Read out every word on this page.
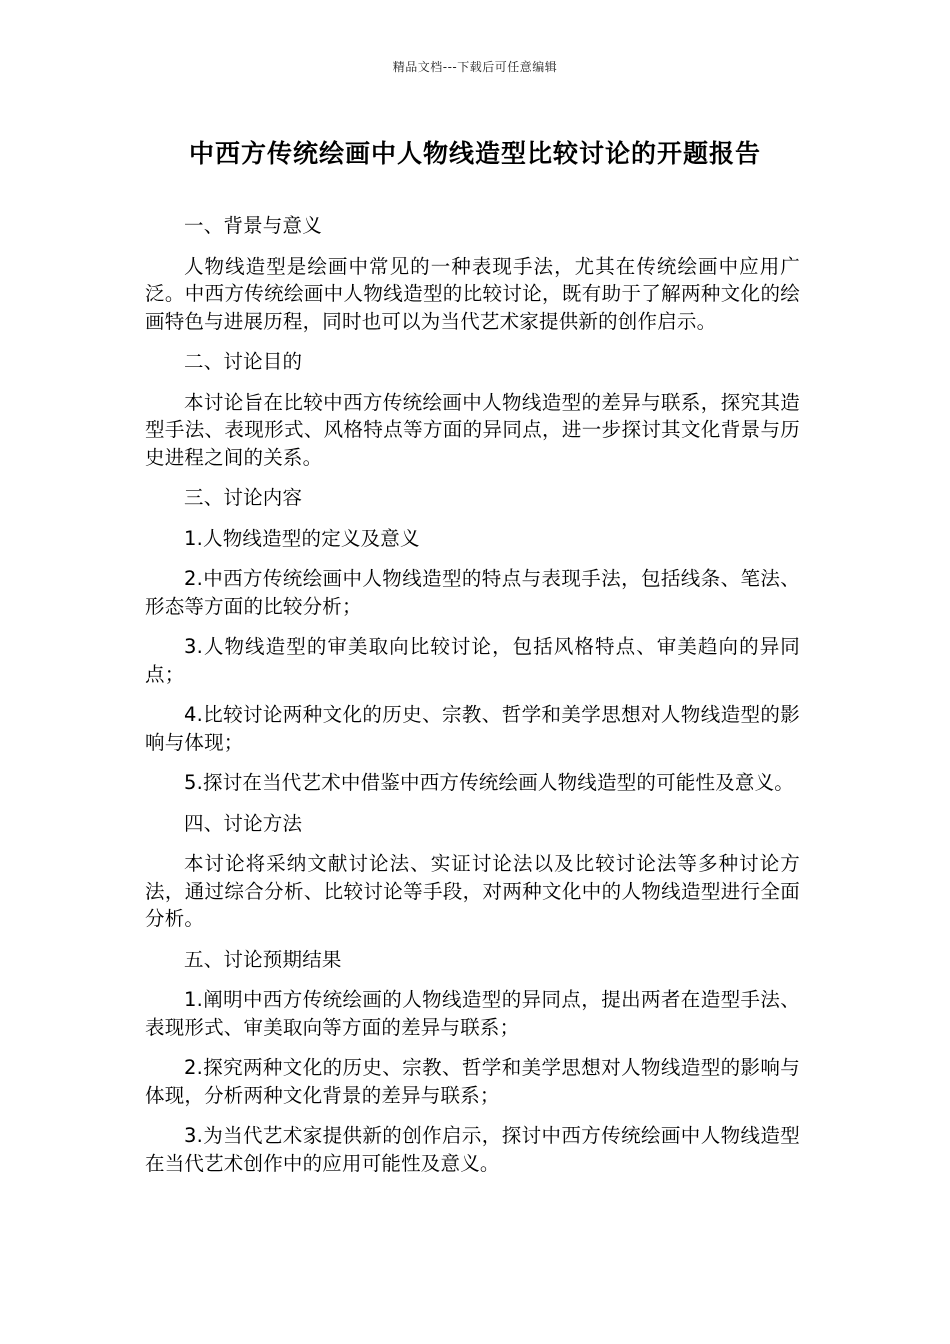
精品文档---下载后可任意编辑
中西方传统绘画中人物线造型比较讨论的开题报告

一、背景与意义

人物线造型是绘画中常见的一种表现手法，尤其在传统绘画中应用广泛。中西方传统绘画中人物线造型的比较讨论，既有助于了解两种文化的绘画特色与进展历程，同时也可以为当代艺术家提供新的创作启示。

二、讨论目的

本讨论旨在比较中西方传统绘画中人物线造型的差异与联系，探究其造型手法、表现形式、风格特点等方面的异同点，进一步探讨其文化背景与历史进程之间的关系。

三、讨论内容

1.人物线造型的定义及意义

2.中西方传统绘画中人物线造型的特点与表现手法，包括线条、笔法、形态等方面的比较分析；

3.人物线造型的审美取向比较讨论，包括风格特点、审美趋向的异同点；

4.比较讨论两种文化的历史、宗教、哲学和美学思想对人物线造型的影响与体现；

5.探讨在当代艺术中借鉴中西方传统绘画人物线造型的可能性及意义。

四、讨论方法

本讨论将采纳文献讨论法、实证讨论法以及比较讨论法等多种讨论方法，通过综合分析、比较讨论等手段，对两种文化中的人物线造型进行全面分析。

五、讨论预期结果

1.阐明中西方传统绘画的人物线造型的异同点，提出两者在造型手法、表现形式、审美取向等方面的差异与联系；

2.探究两种文化的历史、宗教、哲学和美学思想对人物线造型的影响与体现，分析两种文化背景的差异与联系；

3.为当代艺术家提供新的创作启示，探讨中西方传统绘画中人物线造型在当代艺术创作中的应用可能性及意义。
